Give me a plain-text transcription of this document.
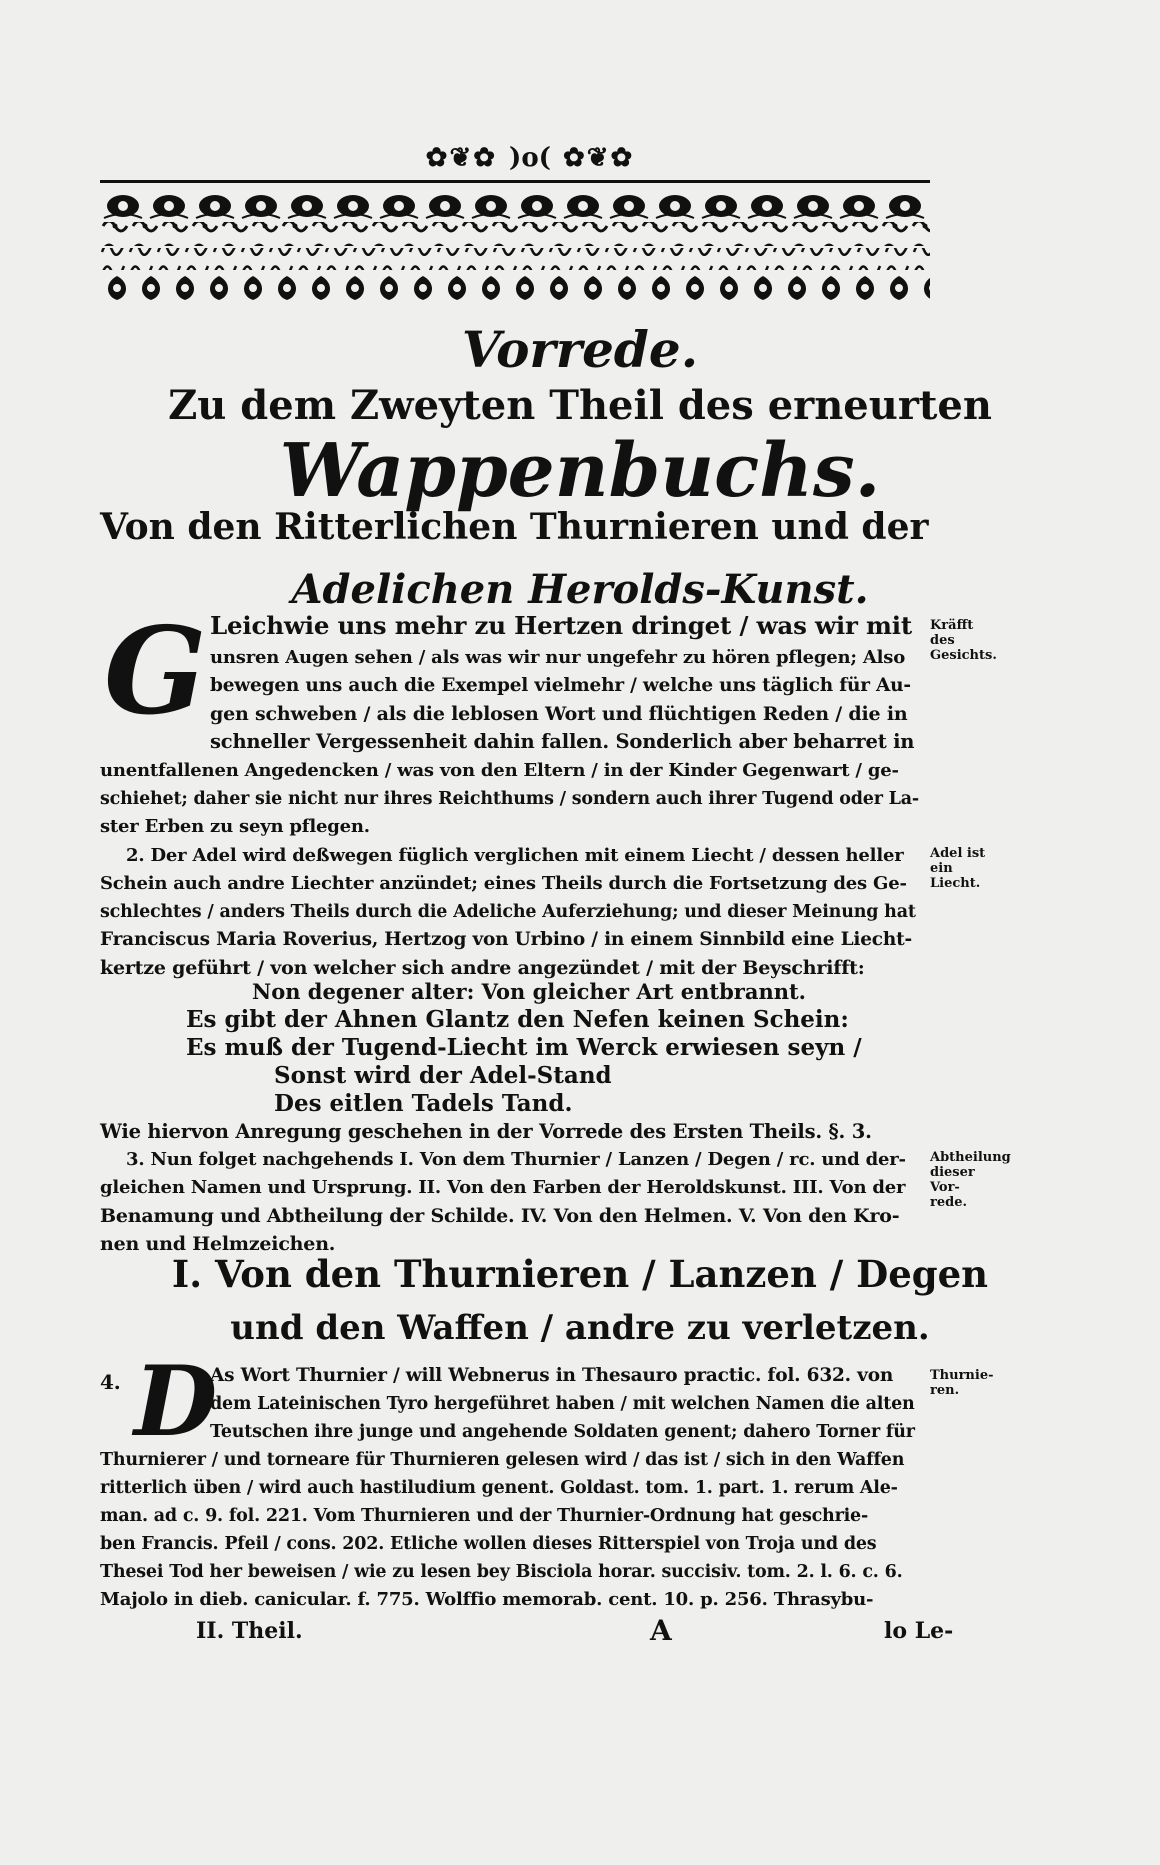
✿❦✿ )o( ✿❦✿
Vorrede.
Zu dem Zweyten Theil des erneurten
Wappenbuchs.
Von den Ritterlichen Thurnieren und der
Adelichen Herolds-Kunst.
G Leichwie uns mehr zu Hertzen dringet / was wir mit
unsren Augen sehen / als was wir nur ungefehr zu hören pflegen; Also
bewegen uns auch die Exempel vielmehr / welche uns täglich für Au-
gen schweben / als die leblosen Wort und flüchtigen Reden / die in
schneller Vergessenheit dahin fallen. Sonderlich aber beharret in
unentfallenen Angedencken / was von den Eltern / in der Kinder Gegenwart / ge-
schiehet; daher sie nicht nur ihres Reichthums / sondern auch ihrer Tugend oder La-
ster Erben zu seyn pflegen.
Kräfft des
Gesichts.
2. Der Adel wird deßwegen füglich verglichen mit einem Liecht / dessen heller
Schein auch andre Liechter anzündet; eines Theils durch die Fortsetzung des Ge-
schlechtes / anders Theils durch die Adeliche Auferziehung; und dieser Meinung hat
Franciscus Maria Roverius, Hertzog von Urbino / in einem Sinnbild eine Liecht-
kertze geführt / von welcher sich andre angezündet / mit der Beyschrifft:
Adel ist ein
Liecht.
Non degener alter: Von gleicher Art entbrannt.
Es gibt der Ahnen Glantz den Nefen keinen Schein:
Es muß der Tugend-Liecht im Werck erwiesen seyn /
Sonst wird der Adel-Stand
Des eitlen Tadels Tand.
Wie hiervon Anregung geschehen in der Vorrede des Ersten Theils. §. 3.
3. Nun folget nachgehends I. Von dem Thurnier / Lanzen / Degen / rc. und der-
gleichen Namen und Ursprung. II. Von den Farben der Heroldskunst. III. Von der
Benamung und Abtheilung der Schilde. IV. Von den Helmen. V. Von den Kro-
nen und Helmzeichen.
Abtheilung
dieser Vor-
rede.
I. Von den Thurnieren / Lanzen / Degen
und den Waffen / andre zu verletzen.
4. D
As Wort Thurnier / will Webnerus in Thesauro practic. fol. 632. von
dem Lateinischen Tyro hergeführet haben / mit welchen Namen die alten
Teutschen ihre junge und angehende Soldaten genent; dahero Torner für
Thurnierer / und torneare für Thurnieren gelesen wird / das ist / sich in den Waffen
ritterlich üben / wird auch hastiludium genent. Goldast. tom. 1. part. 1. rerum Ale-
man. ad c. 9. fol. 221. Vom Thurnieren und der Thurnier-Ordnung hat geschrie-
ben Francis. Pfeil / cons. 202. Etliche wollen dieses Ritterspiel von Troja und des
Thesei Tod her beweisen / wie zu lesen bey Bisciola horar. succisiv. tom. 2. l. 6. c. 6.
Majolo in dieb. canicular. f. 775. Wolffio memorab. cent. 10. p. 256. Thrasybu-
Thurnie-
ren.
II. Theil.	A	lo Le-
